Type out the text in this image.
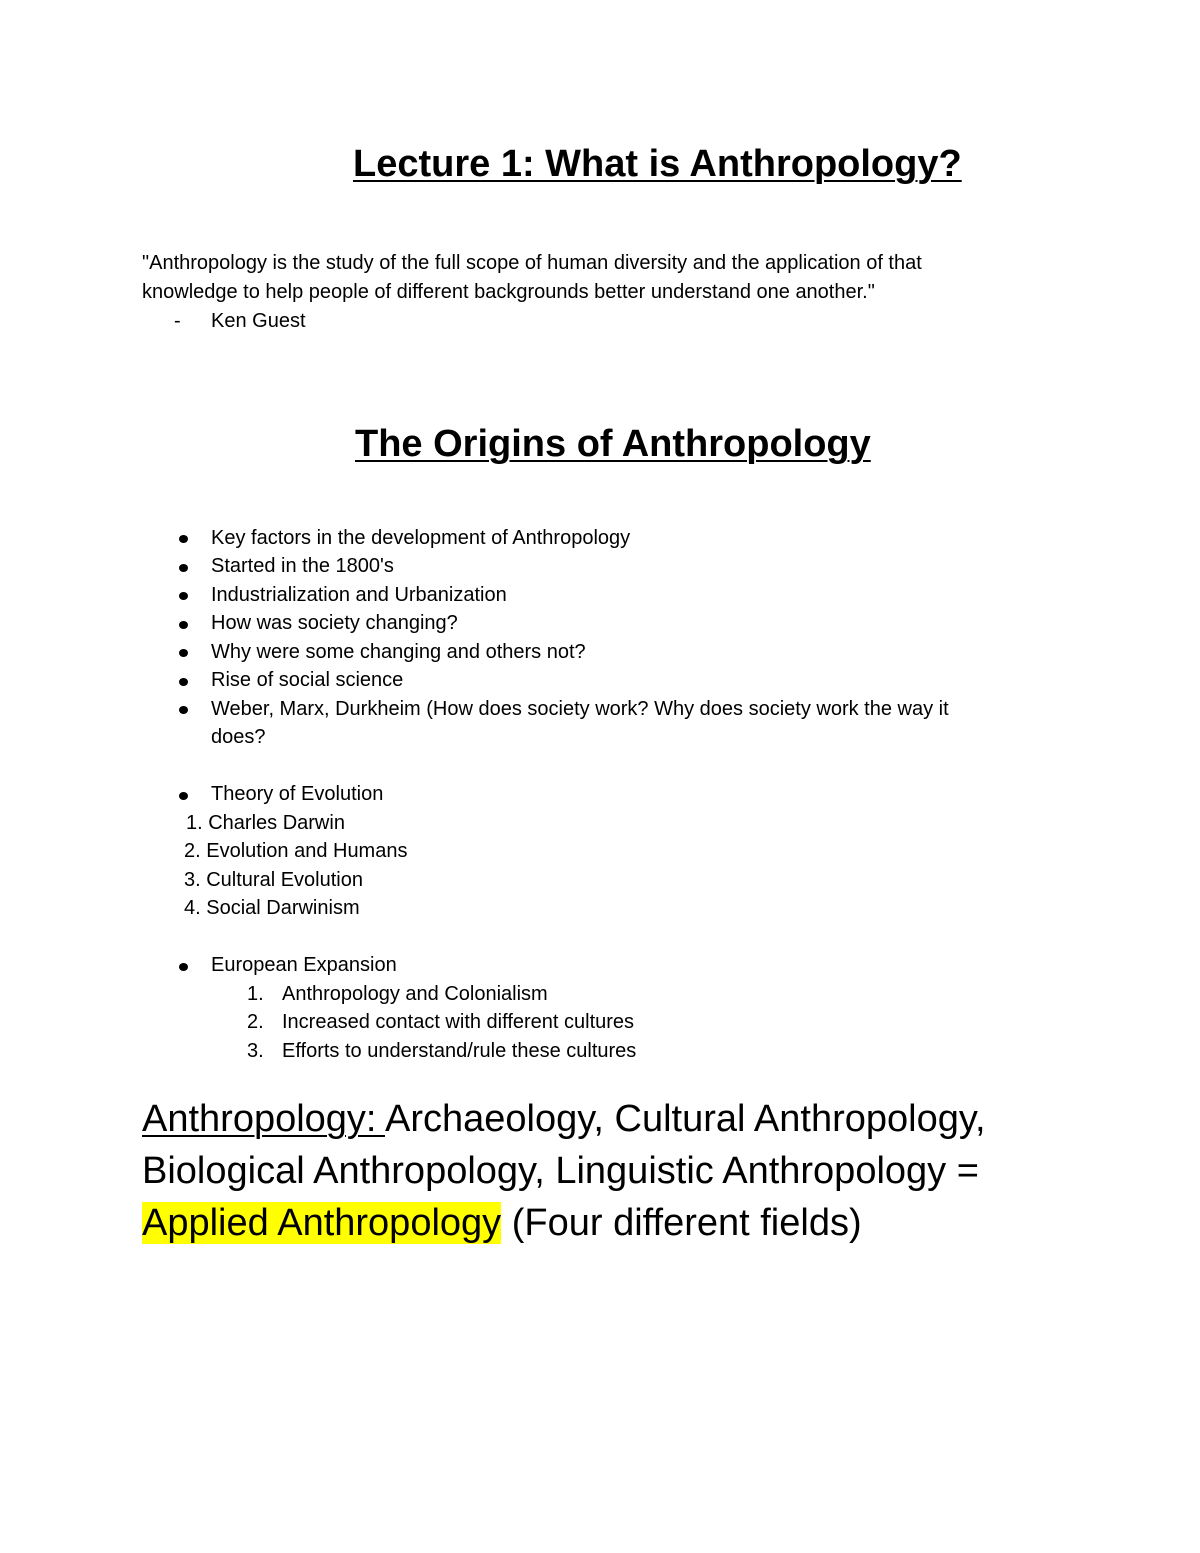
Lecture 1: What is Anthropology?

"Anthropology is the study of the full scope of human diversity and the application of that
knowledge to help people of different backgrounds better understand one another."

- Ken Guest
The Origins of Anthropology
Key factors in the development of Anthropology
Started in the 1800's
Industrialization and Urbanization
How was society changing?
Why were some changing and others not?
Rise of social science
Weber, Marx, Durkheim (How does society work? Why does society work the way it
does?
Theory of Evolution
1. Charles Darwin
2. Evolution and Humans
3. Cultural Evolution
4. Social Darwinism
European Expansion
1. Anthropology and Colonialism
2. Increased contact with different cultures
3. Efforts to understand/rule these cultures

Anthropology: Archaeology, Cultural Anthropology, Biological Anthropology, Linguistic Anthropology = Applied Anthropology (Four different fields)
